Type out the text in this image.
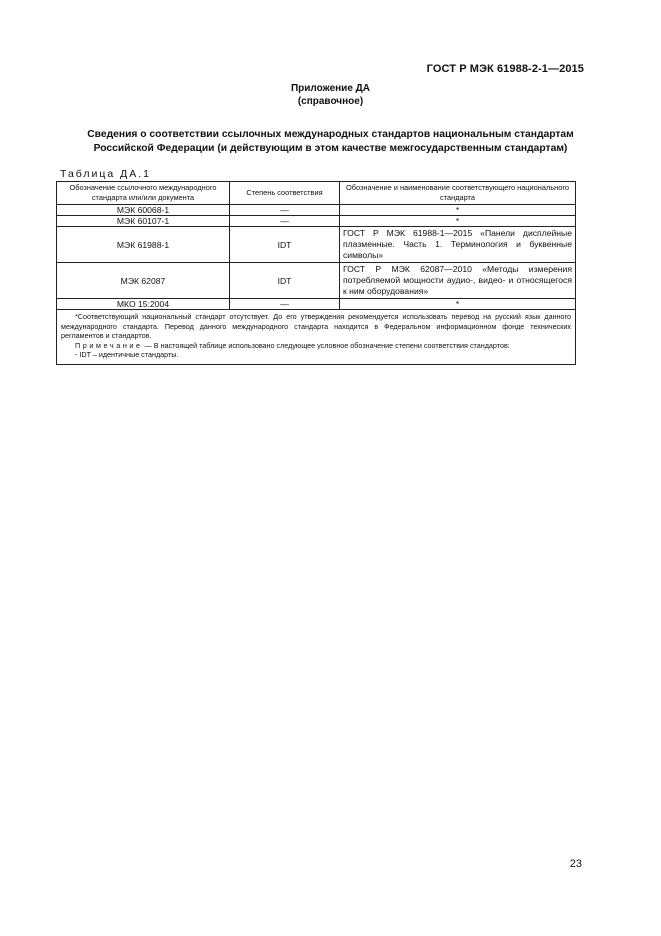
ГОСТ Р МЭК 61988-2-1—2015
Приложение ДА
(справочное)
Сведения о соответствии ссылочных международных стандартов национальным стандартам
Российской Федерации (и действующим в этом качестве межгосударственным стандартам)
Таблица ДА.1
Обозначение ссылочного международного стандарта или/или документа	Степень соответствия	Обозначение и наименование соответствующего национального стандарта
МЭК 60068-1	—	*
МЭК 60107-1	—	*
МЭК 61988-1	IDT	ГОСТ Р МЭК 61988-1—2015 «Панели дисплейные плазменные. Часть 1. Терминология и буквенные символы»
МЭК 62087	IDT	ГОСТ Р МЭК 62087—2010 «Методы измерения потребляемой мощности аудио-, видео- и относящегося к ним оборудования»
МКО 15:2004	—	*

*Соответствующий национальный стандарт отсутствует. До его утверждения рекомендуется использовать перевод на русский язык данного международного стандарта. Перевод данного международного стандарта находится в Федеральном информационном фонде технических регламентов и стандартов.

Примечание — В настоящей таблице использовано следующее условное обозначение степени соответствия стандартов:

- IDT – идентичные стандарты.		

23
